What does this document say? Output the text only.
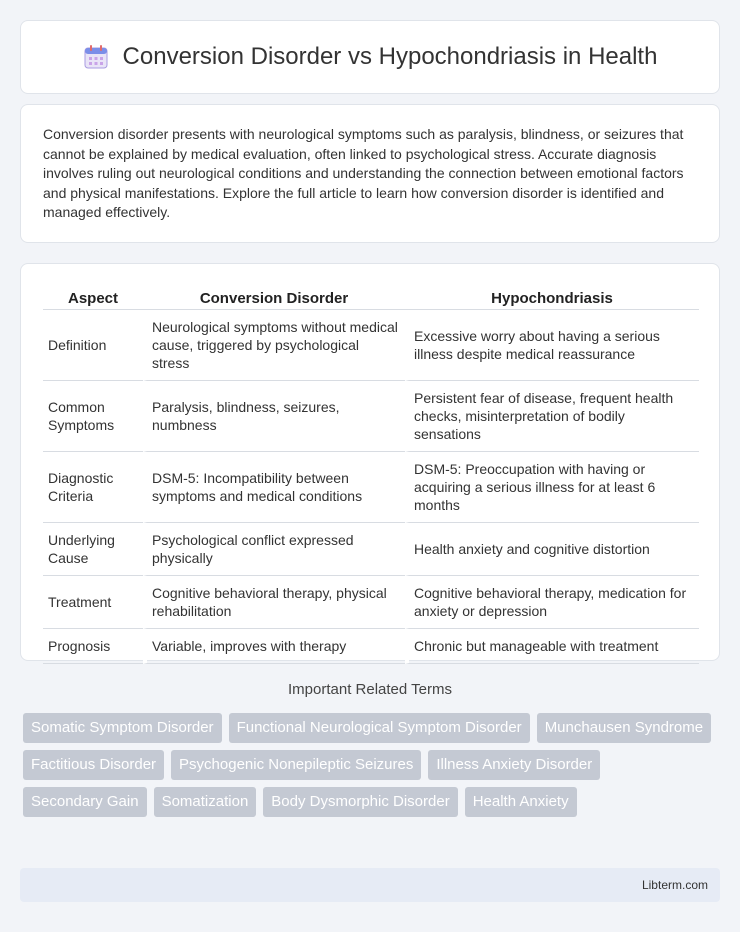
Conversion Disorder vs Hypochondriasis in Health

Conversion disorder presents with neurological symptoms such as paralysis, blindness, or seizures that cannot be explained by medical evaluation, often linked to psychological stress. Accurate diagnosis involves ruling out neurological conditions and understanding the connection between emotional factors and physical manifestations. Explore the full article to learn how conversion disorder is identified and managed effectively.

Aspect	Conversion Disorder	Hypochondriasis
Definition	Neurological symptoms without medical cause, triggered by psychological stress	Excessive worry about having a serious illness despite medical reassurance
Common Symptoms	Paralysis, blindness, seizures, numbness	Persistent fear of disease, frequent health checks, misinterpretation of bodily sensations
Diagnostic Criteria	DSM-5: Incompatibility between symptoms and medical conditions	DSM-5: Preoccupation with having or acquiring a serious illness for at least 6 months
Underlying Cause	Psychological conflict expressed physically	Health anxiety and cognitive distortion
Treatment	Cognitive behavioral therapy, physical rehabilitation	Cognitive behavioral therapy, medication for anxiety or depression
Prognosis	Variable, improves with therapy	Chronic but manageable with treatment
Important Related Terms
Somatic Symptom Disorder	Functional Neurological Symptom Disorder	Munchausen Syndrome
Factitious Disorder	Psychogenic Nonepileptic Seizures	Illness Anxiety Disorder
Secondary Gain	Somatization	Body Dysmorphic Disorder	Health Anxiety
Libterm.com
